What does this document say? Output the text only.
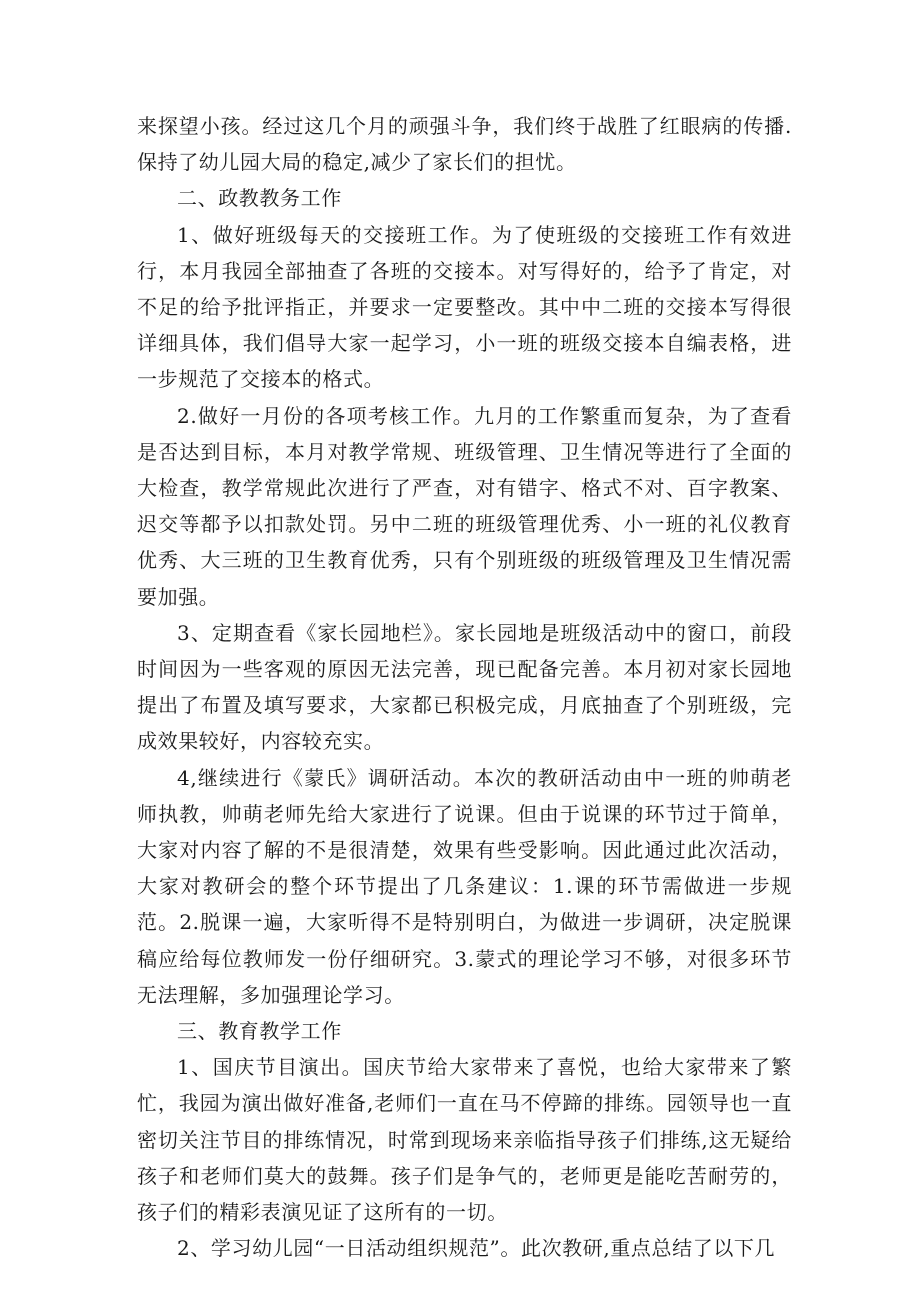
来探望小孩。经过这几个月的顽强斗争，我们终于战胜了红眼病的传播.保持了幼儿园大局的稳定,减少了家长们的担忧。

二、政教教务工作

1、做好班级每天的交接班工作。为了使班级的交接班工作有效进行，本月我园全部抽查了各班的交接本。对写得好的，给予了肯定，对不足的给予批评指正，并要求一定要整改。其中中二班的交接本写得很详细具体，我们倡导大家一起学习，小一班的班级交接本自编表格，进一步规范了交接本的格式。

2.做好一月份的各项考核工作。九月的工作繁重而复杂，为了查看是否达到目标，本月对教学常规、班级管理、卫生情况等进行了全面的大检查，教学常规此次进行了严查，对有错字、格式不对、百字教案、迟交等都予以扣款处罚。另中二班的班级管理优秀、小一班的礼仪教育优秀、大三班的卫生教育优秀，只有个别班级的班级管理及卫生情况需要加强。

3、定期查看《家长园地栏》。家长园地是班级活动中的窗口，前段时间因为一些客观的原因无法完善，现已配备完善。本月初对家长园地提出了布置及填写要求，大家都已积极完成，月底抽查了个别班级，完成效果较好，内容较充实。

4,继续进行《蒙氏》调研活动。本次的教研活动由中一班的帅萌老师执教，帅萌老师先给大家进行了说课。但由于说课的环节过于简单，大家对内容了解的不是很清楚，效果有些受影响。因此通过此次活动，大家对教研会的整个环节提出了几条建议：1.课的环节需做进一步规范。2.脱课一遍，大家听得不是特别明白，为做进一步调研，决定脱课稿应给每位教师发一份仔细研究。3.蒙式的理论学习不够，对很多环节无法理解，多加强理论学习。

三、教育教学工作

1、国庆节目演出。国庆节给大家带来了喜悦，也给大家带来了繁忙，我园为演出做好准备,老师们一直在马不停蹄的排练。园领导也一直密切关注节目的排练情况，时常到现场来亲临指导孩子们排练,这无疑给孩子和老师们莫大的鼓舞。孩子们是争气的，老师更是能吃苦耐劳的，孩子们的精彩表演见证了这所有的一切。

2、学习幼儿园“一日活动组织规范”。此次教研,重点总结了以下几
